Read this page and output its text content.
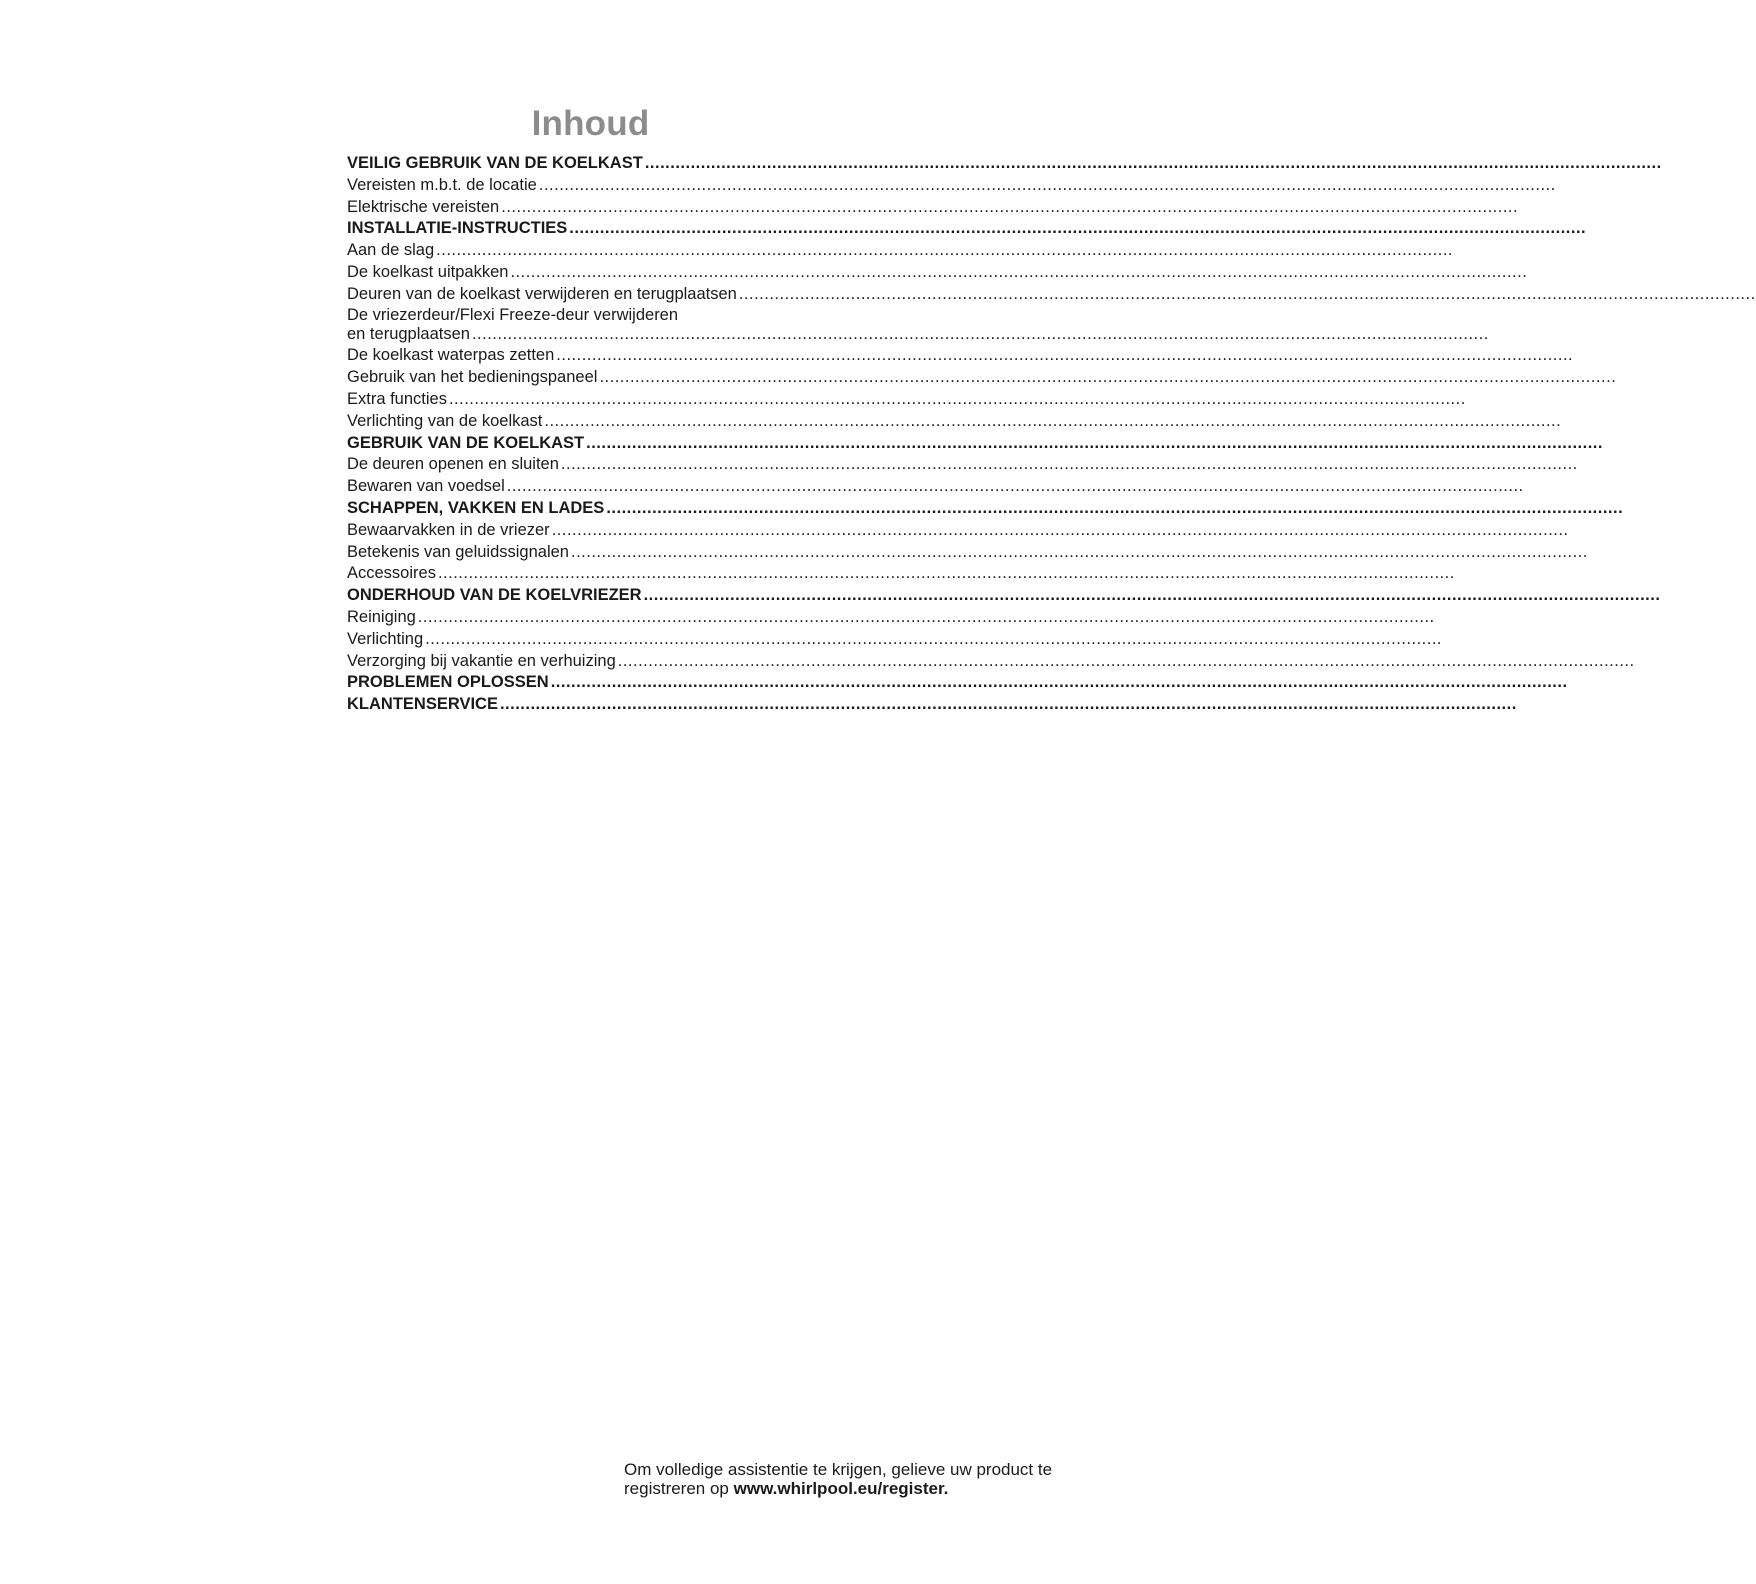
Inhoud
VEILIG GEBRUIK VAN DE KOELKAST ........................................................................................................................................................................................................
Vereisten m.b.t. de locatie ........................................................................................................................................................................................................
Elektrische vereisten ........................................................................................................................................................................................................
INSTALLATIE-INSTRUCTIES ........................................................................................................................................................................................................
Aan de slag ........................................................................................................................................................................................................
De koelkast uitpakken ........................................................................................................................................................................................................
Deuren van de koelkast verwijderen en terugplaatsen ........................................................................................................................................................................................................
De vriezerdeur/Flexi Freeze-deur verwijderen
en terugplaatsen ........................................................................................................................................................................................................
De koelkast waterpas zetten ........................................................................................................................................................................................................
Gebruik van het bedieningspaneel ........................................................................................................................................................................................................
Extra functies ........................................................................................................................................................................................................
Verlichting van de koelkast ........................................................................................................................................................................................................
GEBRUIK VAN DE KOELKAST ........................................................................................................................................................................................................
De deuren openen en sluiten ........................................................................................................................................................................................................
Bewaren van voedsel ........................................................................................................................................................................................................
SCHAPPEN, VAKKEN EN LADES ........................................................................................................................................................................................................
Bewaarvakken in de vriezer ........................................................................................................................................................................................................
Betekenis van geluidssignalen ........................................................................................................................................................................................................
Accessoires ........................................................................................................................................................................................................
ONDERHOUD VAN DE KOELVRIEZER ........................................................................................................................................................................................................
Reiniging ........................................................................................................................................................................................................
Verlichting ........................................................................................................................................................................................................
Verzorging bij vakantie en verhuizing ........................................................................................................................................................................................................
PROBLEMEN OPLOSSEN ........................................................................................................................................................................................................
KLANTENSERVICE ........................................................................................................................................................................................................
Om volledige assistentie te krijgen, gelieve uw product te
registreren op www.whirlpool.eu/register.
